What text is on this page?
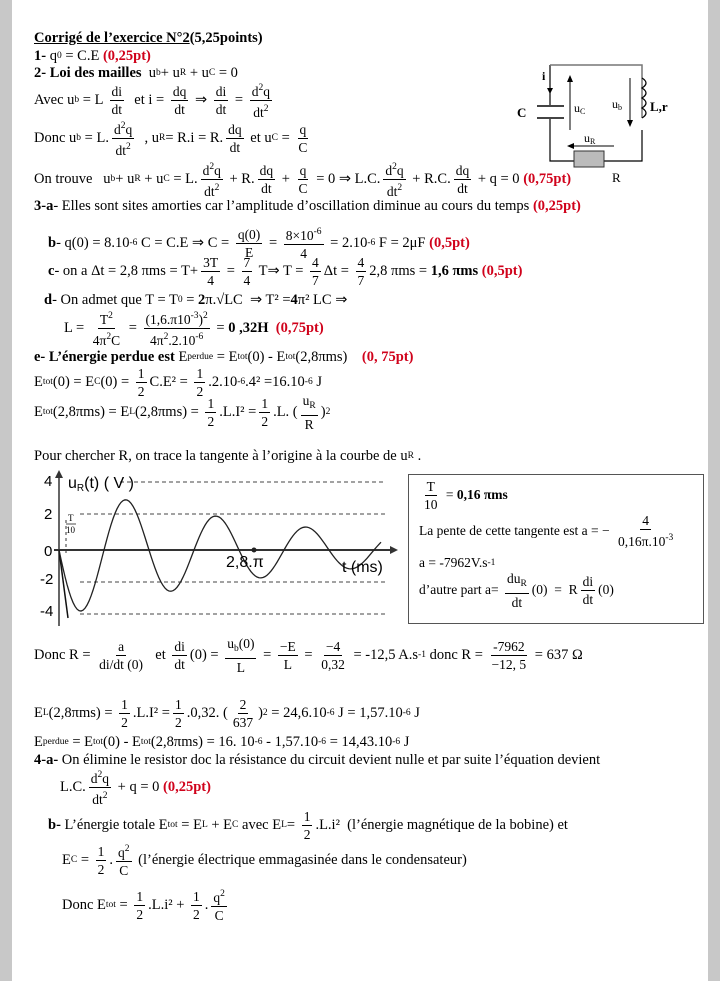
Corrigé de l’exercice N°2 (5,25points)
1- q 0 = C.E (0,25pt)
2- Loi des mailles u b + u R + u C = 0
Avec u b = L $\frac{di}{dt}$ et $i = \frac{dq}{dt}$ ⇒ $\frac{di}{dt} = \frac{d^2q}{dt^2}$
Donc u b = L. $\frac{d^2q}{dt^2}$ , u R = R.i = R. $\frac{dq}{dt}$ et u $C = \frac{q}{C}$
On trouve   u b + u R + u C = L. $\frac{d^2q}{dt^2} + R$. $\frac{dq}{dt} + \frac{q}{C} = 0$ ⇒ L.C. $\frac{d^2q}{dt^2} + R.C$. $\frac{dq}{dt} + q = 0$ (0,75pt)
3-a - Elles sont sites amorties car l’amplitude d’oscillation diminue au cours du temps (0,25pt)
b - q(0) = 8.10 -6 C = C.E ⇒ $C = \frac{q(0)}{E} = \frac{8\times 10^{-6}}{4} = 2.10$ -6 F = 2μF (0,5pt)
c - on a Δt = 2,8 $\pi ms = T+ \frac{3T}{4} = \frac{7}{4}$ T⇒ $T = \frac{4}{7}$ $\Delta t = \frac{4}{7} 2,8$ πms = 1,6 πms (0,5pt)
d - On admet que T = T 0 = 2 π.√LC  ⇒ T² = 4 π² LC ⇒
$L = \frac{T^2}{4\pi^2C} = \frac{(1,6.\pi 10^{-3})^2}{4\pi^2.2.10^{-6}} = 0$ ,32H (0,75pt)
e- L’énergie perdue est E perdue = E tot (0) - E tot (2,8πms) (0, 75pt)
E tot (0) = E C $(0) = \frac{1}{2} C.E^2 = \frac{1}{2} .2.10$ -6 .4² =16.10 -6 J
E tot (2,8πms) = E L $(2,8\pi ms) = \frac{1}{2} .L.I^2 = \frac{1}{2} .L$. ( $\frac{u_R}{R}$ ) 2
Pour chercher R, on trace la tangente à l’origine à la courbe de u R .
4
2
0
-2
-4
uR(t) ( V )
t (ms)
2,8.π
T
10
$\frac{T}{10} = 0,16$ πms
La pente de cette tangente est a = − $\frac{4}{0,16\pi.10^{-3}}$
a = -7962V.s -1
d’autre part $a= \frac{du_R}{dt} (0) = R \frac{di}{dt} (0)$
Donc $R = \frac{a}{di/dt (0)}$ et $\frac{di}{dt} (0) = \frac{u_b(0)}{L} = \frac{-E}{L} = \frac{-4}{0,32} = -12,5$ A.s -1 donc $R = \frac{-7962}{-12, 5} = 637$ Ω
E L $(2,8\pi ms) = \frac{1}{2} .L.I^2 = \frac{1}{2} .0,32$. ( $\frac{2}{637}$ ) 2 = 24,6.10 -6 J = 1,57.10 -6 J
E perdue = E tot (0) - E tot (2,8πms) = 16. 10 -6 - 1,57.10 -6 = 14,43.10 -6 J
4-a- On élimine le resistor doc la résistance du circuit devient nulle et par suite l’équation devient
L.C. $\frac{d^2q}{dt^2} + q = 0$ (0,25pt)
b- L’énergie totale E tot = E L + E C avec E $L = \frac{1}{2} .L.i^2$  (l’énergie magnétique de la bobine) et
E $C = \frac{1}{2}$ . $\frac{q^2}{C}$ (l’énergie électrique emmagasinée dans le condensateur)
Donc E tot = $\frac{1}{2} .L.i^2 + \frac{1}{2}$ . $\frac{q^2}{C}$
i
C	uC
ub L,r
uR
R
